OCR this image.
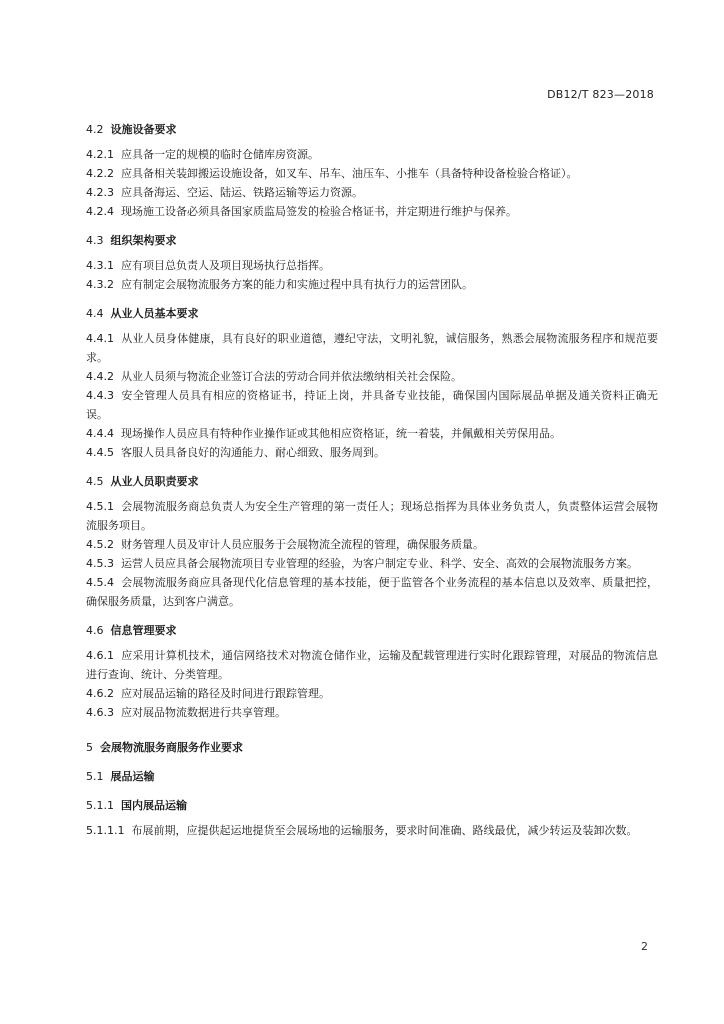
DB12/T 823—2018

4.2 设施设备要求

4.2.1 应具备一定的规模的临时仓储库房资源。

4.2.2 应具备相关装卸搬运设施设备，如叉车、吊车、油压车、小推车（具备特种设备检验合格证）。

4.2.3 应具备海运、空运、陆运、铁路运输等运力资源。

4.2.4 现场施工设备必须具备国家质监局签发的检验合格证书，并定期进行维护与保养。

4.3 组织架构要求

4.3.1 应有项目总负责人及项目现场执行总指挥。

4.3.2 应有制定会展物流服务方案的能力和实施过程中具有执行力的运营团队。

4.4 从业人员基本要求

4.4.1 从业人员身体健康，具有良好的职业道德，遵纪守法，文明礼貌，诚信服务，熟悉会展物流服务程序和规范要求。

4.4.2 从业人员须与物流企业签订合法的劳动合同并依法缴纳相关社会保险。

4.4.3 安全管理人员具有相应的资格证书，持证上岗，并具备专业技能，确保国内国际展品单据及通关资料正确无误。

4.4.4 现场操作人员应具有特种作业操作证或其他相应资格证，统一着装，并佩戴相关劳保用品。

4.4.5 客服人员具备良好的沟通能力、耐心细致、服务周到。

4.5 从业人员职责要求

4.5.1 会展物流服务商总负责人为安全生产管理的第一责任人；现场总指挥为具体业务负责人，负责整体运营会展物流服务项目。

4.5.2 财务管理人员及审计人员应服务于会展物流全流程的管理，确保服务质量。

4.5.3 运营人员应具备会展物流项目专业管理的经验，为客户制定专业、科学、安全、高效的会展物流服务方案。

4.5.4 会展物流服务商应具备现代化信息管理的基本技能，便于监管各个业务流程的基本信息以及效率、质量把控，确保服务质量，达到客户满意。

4.6 信息管理要求

4.6.1 应采用计算机技术，通信网络技术对物流仓储作业，运输及配载管理进行实时化跟踪管理，对展品的物流信息进行查询、统计、分类管理。

4.6.2 应对展品运输的路径及时间进行跟踪管理。

4.6.3 应对展品物流数据进行共享管理。

5 会展物流服务商服务作业要求

5.1 展品运输

5.1.1 国内展品运输

5.1.1.1 布展前期，应提供起运地提货至会展场地的运输服务，要求时间准确、路线最优，减少转运及装卸次数。

2
